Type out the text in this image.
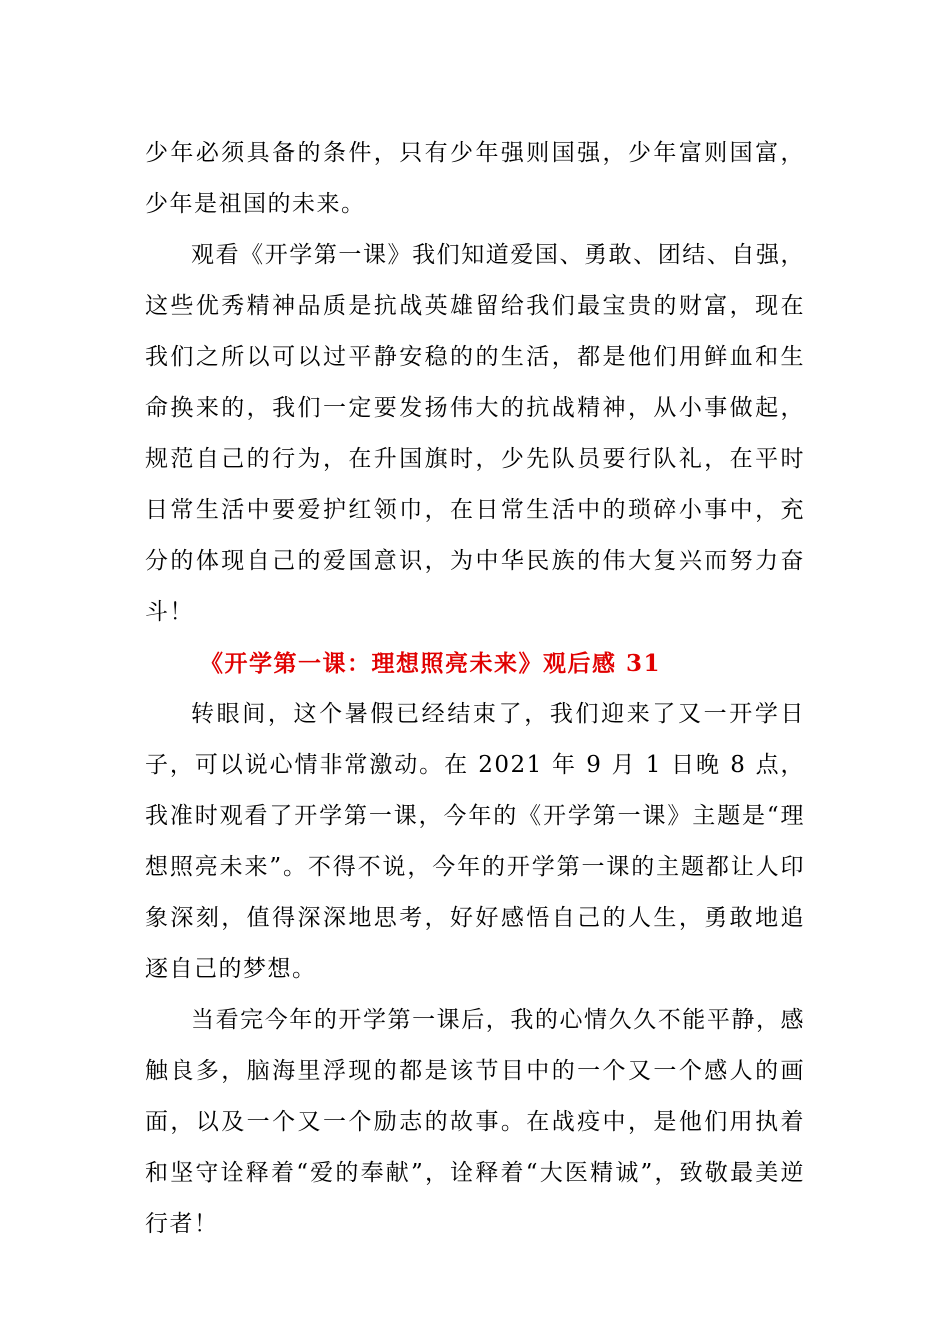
少年必须具备的条件，只有少年强则国强，少年富则国富，少年是祖国的未来。

观看《开学第一课》我们知道爱国、勇敢、团结、自强，这些优秀精神品质是抗战英雄留给我们最宝贵的财富，现在我们之所以可以过平静安稳的的生活，都是他们用鲜血和生命换来的，我们一定要发扬伟大的抗战精神，从小事做起，规范自己的行为，在升国旗时，少先队员要行队礼，在平时日常生活中要爱护红领巾，在日常生活中的琐碎小事中，充分的体现自己的爱国意识，为中华民族的伟大复兴而努力奋斗！

《开学第一课：理想照亮未来》观后感 31

转眼间，这个暑假已经结束了，我们迎来了又一开学日子，可以说心情非常激动。在 2021 年 9 月 1 日晚 8 点，我准时观看了开学第一课，今年的《开学第一课》主题是“理想照亮未来”。不得不说，今年的开学第一课的主题都让人印象深刻，值得深深地思考，好好感悟自己的人生，勇敢地追逐自己的梦想。

当看完今年的开学第一课后，我的心情久久不能平静，感触良多，脑海里浮现的都是该节目中的一个又一个感人的画面，以及一个又一个励志的故事。在战疫中，是他们用执着和坚守诠释着“爱的奉献”，诠释着“大医精诚”，致敬最美逆行者！
